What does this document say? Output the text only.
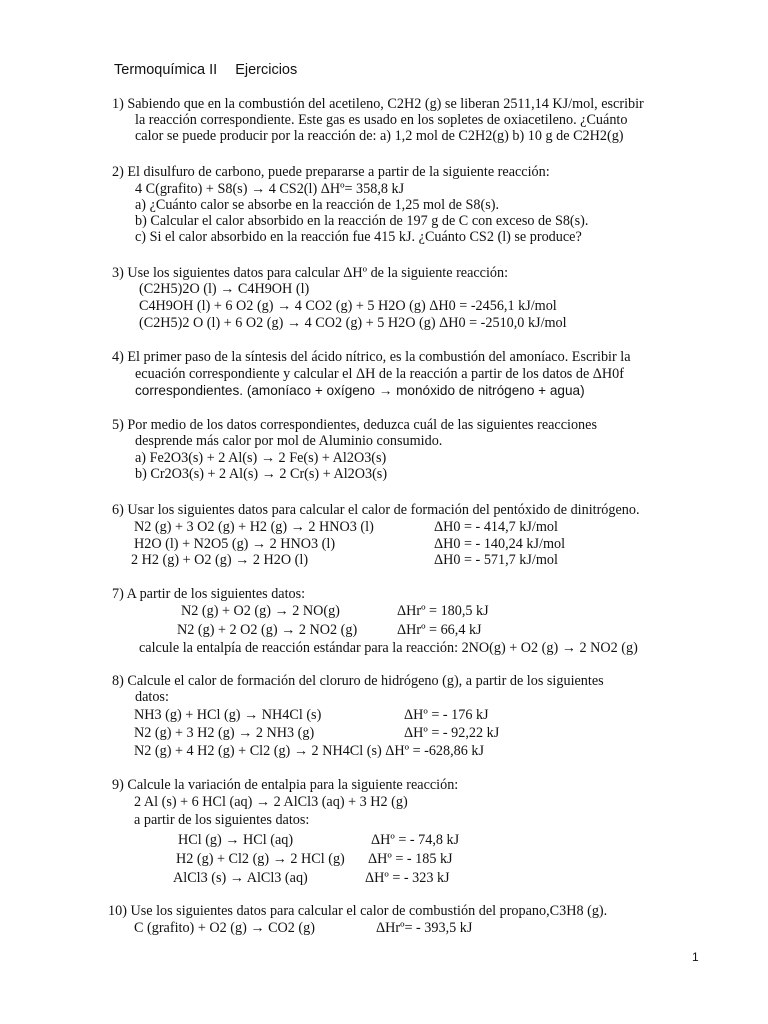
Termoquímica II Ejercicios
1) Sabiendo que en la combustión del acetileno, C2H2 (g) se liberan 2511,14 KJ/mol, escribir
la reacción correspondiente. Este gas es usado en los sopletes de oxiacetileno. ¿Cuánto
calor se puede producir por la reacción de: a) 1,2 mol de C2H2(g) b) 10 g de C2H2(g)
2) El disulfuro de carbono, puede prepararse a partir de la siguiente reacción:
4 C(grafito) + S8(s) → 4 CS2(l) ΔHº= 358,8 kJ
a) ¿Cuánto calor se absorbe en la reacción de 1,25 mol de S8(s).
b) Calcular el calor absorbido en la reacción de 197 g de C con exceso de S8(s).
c) Si el calor absorbido en la reacción fue 415 kJ. ¿Cuánto CS2 (l) se produce?
3) Use los siguientes datos para calcular ΔHº de la siguiente reacción:
(C2H5)2O (l) → C4H9OH (l)
C4H9OH (l) + 6 O2 (g) → 4 CO2 (g) + 5 H2O (g) ΔH0 = -2456,1 kJ/mol
(C2H5)2 O (l) + 6 O2 (g) → 4 CO2 (g) + 5 H2O (g) ΔH0 = -2510,0 kJ/mol
4) El primer paso de la síntesis del ácido nítrico, es la combustión del amoníaco. Escribir la
ecuación correspondiente y calcular el ΔH de la reacción a partir de los datos de ΔH0f
correspondientes. (amoníaco + oxígeno → monóxido de nitrógeno + agua)
5) Por medio de los datos correspondientes, deduzca cuál de las siguientes reacciones
desprende más calor por mol de Aluminio consumido.
a) Fe2O3(s) + 2 Al(s) → 2 Fe(s) + Al2O3(s)
b) Cr2O3(s) + 2 Al(s) → 2 Cr(s) + Al2O3(s)
6) Usar los siguientes datos para calcular el calor de formación del pentóxido de dinitrógeno.
N2 (g) + 3 O2 (g) + H2 (g) → 2 HNO3 (l)	ΔH0 = - 414,7 kJ/mol
H2O (l) + N2O5 (g) → 2 HNO3 (l)	ΔH0 = - 140,24 kJ/mol
2 H2 (g) + O2 (g) → 2 H2O (l)	ΔH0 = - 571,7 kJ/mol
7) A partir de los siguientes datos:
N2 (g) + O2 (g) → 2 NO(g)	ΔHrº = 180,5 kJ
N2 (g) + 2 O2 (g) → 2 NO2 (g)	ΔHrº = 66,4 kJ
calcule la entalpía de reacción estándar para la reacción: 2NO(g) + O2 (g) → 2 NO2 (g)
8) Calcule el calor de formación del cloruro de hidrógeno (g), a partir de los siguientes
datos:
NH3 (g) + HCl (g) → NH4Cl (s)	ΔHº = - 176 kJ
N2 (g) + 3 H2 (g) → 2 NH3 (g)	ΔHº = - 92,22 kJ
N2 (g) + 4 H2 (g) + Cl2 (g) → 2 NH4Cl (s) ΔHº = -628,86 kJ
9) Calcule la variación de entalpia para la siguiente reacción:
2 Al (s) + 6 HCl (aq) → 2 AlCl3 (aq) + 3 H2 (g)
a partir de los siguientes datos:
HCl (g) → HCl (aq)	ΔHº = - 74,8 kJ
H2 (g) + Cl2 (g) → 2 HCl (g) ΔHº = - 185 kJ
AlCl3 (s) → AlCl3 (aq)	ΔHº = - 323 kJ
10) Use los siguientes datos para calcular el calor de combustión del propano,C3H8 (g).
C (grafito) + O2 (g) → CO2 (g)	ΔHrº= - 393,5 kJ
1
